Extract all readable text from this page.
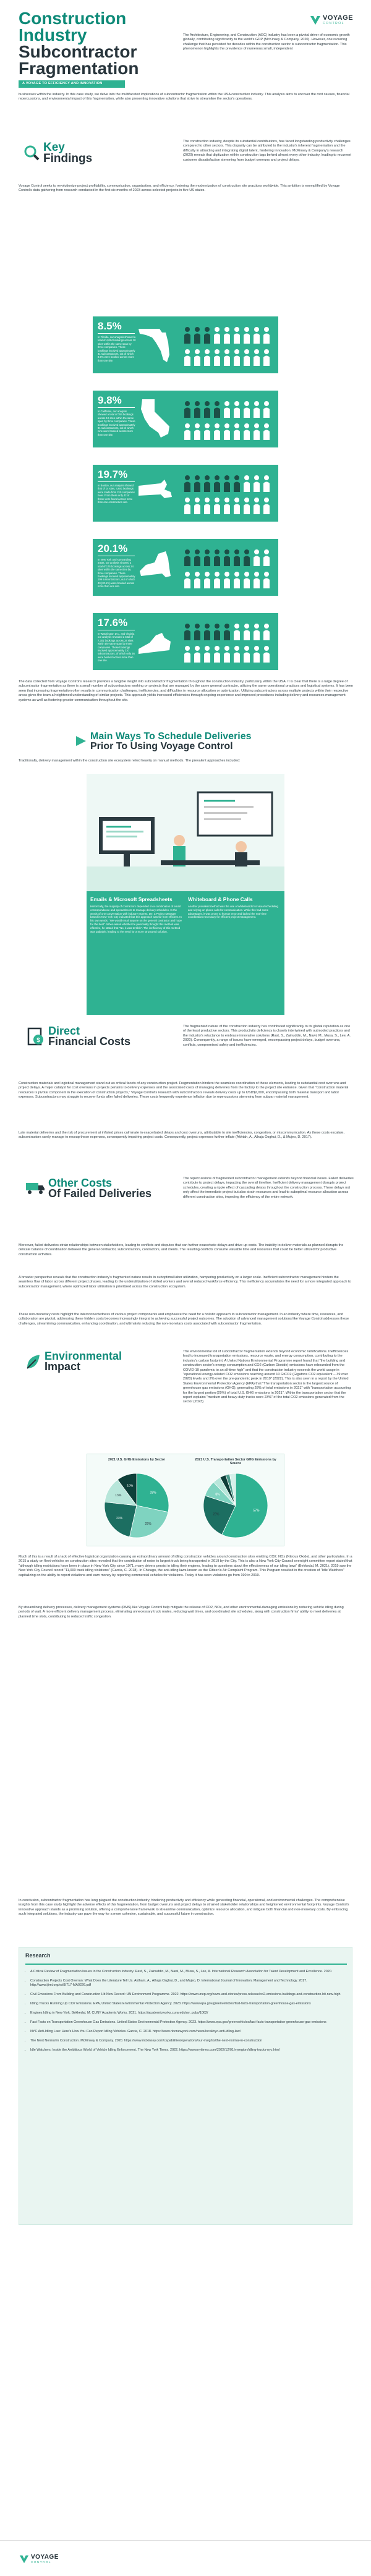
Construction
Industry
Subcontractor
Fragmentation
A VOYAGE TO EFFICIENCY AND INNOVATION
VOYAGE
CONTROL
The Architecture, Engineering, and Construction (AEC) industry has been a pivotal driver of economic growth globally, contributing significantly to the world's GDP (McKinsey & Company, 2020). However, one recurring challenge that has persisted for decades within the construction sector is subcontractor fragmentation. This phenomenon highlights the prevalence of numerous small, independent
businesses within the industry. In this case study, we delve into the multifaceted implications of subcontractor fragmentation within the USA construction industry. This analysis aims to uncover the root causes, financial repercussions, and environmental impact of this fragmentation, while also presenting innovative solutions that strive to streamline the sector's operations.
Key
Findings
The construction industry, despite its substantial contributions, has faced longstanding productivity challenges compared to other sectors. This disparity can be attributed to the industry's inherent fragmentation and the difficulty in attracting and integrating digital talent, hindering innovation. McKinsey & Company's research (2020) reveals that digitization within construction lags behind almost every other industry, leading to recurrent customer dissatisfaction stemming from budget overruns and project delays.
Voyage Control seeks to revolutionize project profitability, communication, organization, and efficiency, fostering the modernization of construction site practices worldwide. This ambition is exemplified by Voyage Control's data gathering from research conducted in the first six months of 2023 across selected projects in five US states.
8.5%
In Florida, our analysis showed a total of 4,694 bookings across 10 sites within the same span by three companies. These bookings involved approximately 41 subcontractors, out of which 8.5% were booked across more than one site.
9.8%
In California, our analysis showed a total of 784 bookings across 10 sites within the same span by three companies. These bookings involved approximately 91 subcontractors, out of which nine were booked across more than one site.
19.7%
In Boston, our analysis showed that of 14 sites, 4,681 bookings were made from 215 companies here. From these only 42 of these were found across more than one construction site.
20.1%
In New York and surrounding areas, our analysis showed a total of 176 bookings across 24 sites within the same time by three companies. These bookings involved approximately 199 subcontractors, out of which 40 (20.1%) were booked across more than one site.
17.6%
In Washington D.C. and Virginia our analysis revealed a total of 7,301 bookings across 24 sites within the same span by three companies. These bookings involved approximately 210 subcontractors, of which only 36 were booked across more than one site.
The data collected from Voyage Control's research provides a tangible insight into subcontractor fragmentation throughout the construction industry, particularly within the USA. It is clear that there is a large degree of subcontractor fragmentation as there is a small number of subcontractors working on projects that are managed by the same general contractor, utilizing the same operational practices and logistical systems. It has been seen that increasing fragmentation often results in communication challenges, inefficiencies, and difficulties in resource allocation or optimization. Utilizing subcontractors across multiple projects within their respective areas gives the team a heightened understanding of similar projects. This approach yields increased efficiencies through ongoing experience and improved procedures including delivery and resources management systems as well as fostering greater communication throughout the site.
Main Ways To Schedule Deliveries
Prior To Using Voyage Control
Traditionally, delivery management within the construction site ecosystem relied heavily on manual methods. The prevalent approaches included:
Emails & Microsoft Spreadsheets
Historically, the majority of contractors depended on a combination of email correspondence and spreadsheets to manage delivery schedules. In the words of one conversation with industry experts, De, a Project Manager based in New York City indicated that this approach was far from efficient. In his own words: "We would email anyone on the general contractor and hope for the best". When asked whether he personally thought this method was effective, he stated that "No, it was terrible". The inefficiency of this method was palpable, leading to the need for a more structured solution.
Whiteboard & Phone Calls
Another prevalent method was the use of whiteboards for visual scheduling and relying on phone calls for communication. While this had some advantages, it was prone to human error and lacked the real-time coordination necessary for efficient project management.
$
Direct
Financial Costs
The fragmented nature of the construction industry has contributed significantly to its global reputation as one of the least productive sectors. This productivity deficiency is closely intertwined with outmoded practices and the industry's reluctance to embrace innovative solutions (Rast, S., Zainuddin, M., Nawi, M., Musa, S., Lee, A. 2020). Consequently, a range of issues have emerged, encompassing project delays, budget overruns, conflicts, compromised safety and inefficiencies.
Construction materials and logistical management stand out as critical facets of any construction project. Fragmentation hinders the seamless coordination of these elements, leading to substantial cost overruns and project delays. A major catalyst for cost overruns in projects pertains to delivery expenses and the associated costs of managing deliveries from the factory to the project site entrance. Given that "construction material resources is pivotal component in the execution of construction projects," Voyage Control's research with subcontractors reveals delivery costs up to USD$2,000, encompassing both material transport and labor expenses. Subcontractors may struggle to recover funds after failed deliveries. These costs frequently experience inflation due to repercussions stemming from subpar material management.
Late material deliveries and the risk of procurement at inflated prices culminate in exacerbated delays and cost overruns, attributable to site inefficiencies, congestion, or miscommunication. As these costs escalate, subcontractors rarely manage to recoup these expenses, consequently impairing project costs. Consequently, project expenses further inflate (Akhtah, A., Alhaja Osghui, D., & Mujeo, D. 2017).
Other Costs
Of Failed Deliveries
The repercussions of fragmented subcontractor management extends beyond financial losses. Failed deliveries contribute to project delays, impacting the overall timeline. Inefficient delivery management disrupts project schedules, creating a ripple effect of cascading delays throughout the construction process. These delays not only affect the immediate project but also strain resources and lead to suboptimal resource allocation across different construction sites, impeding the efficiency of the entire network.
Moreover, failed deliveries strain relationships between stakeholders, leading to conflicts and disputes that can further exacerbate delays and drive up costs. The inability to deliver materials as planned disrupts the delicate balance of coordination between the general contractor, subcontractors, contractors, and clients. The resulting conflicts consume valuable time and resources that could be better utilized for productive construction activities.
A broader perspective reveals that the construction industry's fragmented nature results in suboptimal labor utilization, hampering productivity on a larger scale. Inefficient subcontractor management hinders the seamless flow of labor across different project phases, leading to the underutilization of skilled workers and overall reduced workforce efficiency. This inefficiency accumulates the need for a more integrated approach to subcontractor management, where optimized labor utilization is prioritized across the construction ecosystem.
These non-monetary costs highlight the interconnectedness of various project components and emphasize the need for a holistic approach to subcontractor management. In an industry where time, resources, and collaboration are pivotal, addressing these hidden costs becomes increasingly integral to achieving successful project outcomes. The adoption of advanced management solutions like Voyage Control addresses these challenges, streamlining communication, enhancing coordination, and ultimately reducing the non-monetary costs associated with subcontractor fragmentation.
Environmental
Impact
The environmental toll of subcontractor fragmentation extends beyond economic ramifications. Inefficiencies lead to increased transportation emissions, resource waste, and energy consumption, contributing to the industry's carbon footprint. A United Nations Environmental Programme report found that "the building and construction sector's energy consumption and CO2 (Carbon Dioxide) emissions have rebounded from the COVID-19 pandemic to an all-time high" and that the construction industry exceeds the world usage in "operational energy-related CO2 emissions reaching around 10 GtCO2 (Gigatons CO2 equivalent -- 39 over 2020) levels and 2% over the pre-pandemic peak in 2019" (2022). This is also seen in a report by the United States Environmental Protection Agency (EPA) that "The transportation sector is the largest source of greenhouse gas emissions (GHG), generating 28% of total emissions in 2021" with "transportation accounting for the largest portion (29%) of total U.S. GHG emissions in 2021". Within the transportation sector that the report explains "medium and heavy-duty trucks were 23%" of the total CO2 emissions generated from the sector (2023).
2021 U.S. GHG Emissions by Sector	2021 U.S. Transportation Sector GHG Emissions by Source
28%
25%
23%
13%
10%
57%
23%
8%
Much of this is a result of a lack of effective logistical organization causing an extraordinary amount of idling construction vehicles around construction sites emitting CO2. NOx (Nitrous Oxide), and other particulates. In a 2015 a study on fleet vehicles on construction sites revealed that the contribution of noise to largest truck being transported in 2019 by the City. This is also a New York City Council oversight committee report stated that "although idling restrictions have been in place in New York City since 1971, many drivers persist in idling their engines, leading to questions about the effectiveness of our idling laws" (Bekkedal, M. 2021). 2019 saw the New York City Council record "11,000 truck idling violations" (Garcia, C. 2018). In Chicago, the anti-idling laws-known as the Citizen's Air Complaint Program. This Program resulted in the creation of "Idle Watchers" capitalizing on the ability to report violations and earn money by reporting commercial vehicles for violations. Today it has seen violations go from 190 in 2019.
By streamlining delivery processes, delivery management systems (DMS) like Voyage Control help mitigate the release of CO2, NOx, and other environmental-damaging emissions by reducing vehicle idling during periods of wait. A more efficient delivery management process, eliminating unnecessary truck routes, reducing wait times, and coordinated site schedules, along with construction firms' ability to meet deliveries at planned time slots, contributing to reduced traffic congestion.
In conclusion, subcontractor fragmentation has long plagued the construction industry, hindering productivity and efficiency while generating financial, operational, and environmental challenges. The comprehensive insights from this case study highlight the adverse effects of this fragmentation, from budget overruns and project delays to strained stakeholder relationships and heightened environmental footprints. Voyage Control's innovative approach stands as a promising solution, offering a comprehensive framework to streamline communication, optimize resource allocation, and mitigate both financial and non-monetary costs. By embracing such integrated solutions, the industry can pave the way for a more cohesive, sustainable, and successful future in construction.
Research
• A Critical Review of Fragmentation Issues in the Construction Industry. Rast, S., Zainuddin, M., Nawi, M., Musa, S., Lee, A. International Research Association for Talent Development and Excellence. 2020.
• Construction Projects Cost Overrun: What Does the Literature Tell Us. Aktham, A., Alhaja Osghui, D., and Mujeo, D. International Journal of Innovation, Management and Technology. 2017. http://www.ijimt.org/vol8/717-MA0226.pdf
• Civil Emissions From Building and Construction Hit New Record: UN Environment Programme. 2022. https://www.unep.org/news-and-stories/press-release/co2-emissions-buildings-and-construction-hit-new-high
• Idling Trucks Running Up CO2 Emissions. EPA, United States Environmental Protection Agency. 2023. https://www.epa.gov/greenvehicles/fast-facts-transportation-greenhouse-gas-emissions
• Engines Idling in New York. Bekkedal, M. CUNY Academic Works. 2021. https://academicworks.cuny.edu/ny_pubs/1062/
• Fast Facts on Transportation Greenhouse Gas Emissions. United States Environmental Protection Agency. 2023. https://www.epa.gov/greenvehicles/fast-facts-transportation-greenhouse-gas-emissions
• NYC Anti-Idling Law: Here's How You Can Report Idling Vehicles. Garcia, C. 2018. https://www.nbcnewyork.com/news/local/nyc-anti-idling-law/
• The Next Normal in Construction. McKinsey & Company. 2020. https://www.mckinsey.com/capabilities/operations/our-insights/the-next-normal-in-construction
• Idle Watchers: Inside the Ambitious World of Vehicle Idling Enforcement. The New York Times. 2022. https://www.nytimes.com/2022/12/01/nyregion/idling-trucks-nyc.html
VOYAGE
CONTROL
